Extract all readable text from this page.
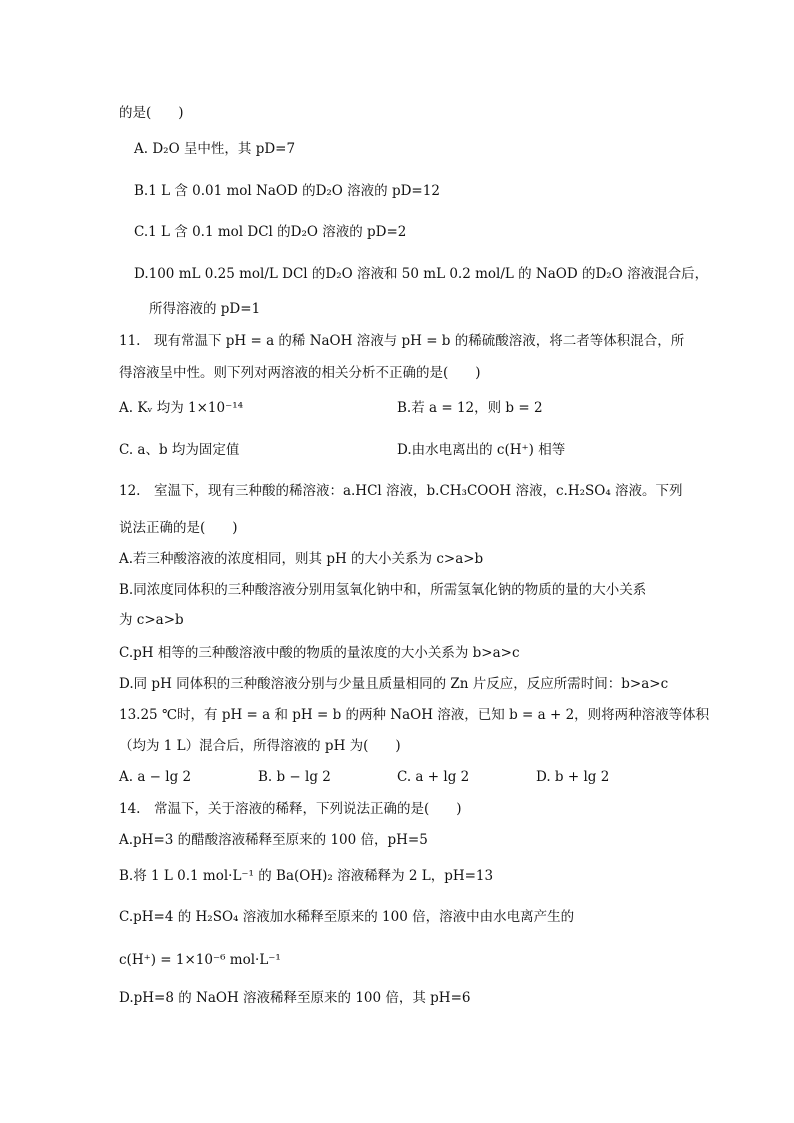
的是(　　)
A. D₂O 呈中性，其 pD=7
B.1 L 含 0.01 mol NaOD 的D₂O 溶液的 pD=12
C.1 L 含 0.1 mol DCl 的D₂O 溶液的 pD=2
D.100 mL 0.25 mol/L DCl 的D₂O 溶液和 50 mL 0.2 mol/L 的 NaOD 的D₂O 溶液混合后，
所得溶液的 pD=1
11.　现有常温下 pH = a 的稀 NaOH 溶液与 pH = b 的稀硫酸溶液，将二者等体积混合，所
得溶液呈中性。则下列对两溶液的相关分析不正确的是(　　)
A. Kᵥ 均为 1×10⁻¹⁴	B.若 a = 12，则 b = 2
C. a、b 均为固定值	D.由水电离出的 c(H⁺) 相等
12.　室温下，现有三种酸的稀溶液：a.HCl 溶液，b.CH₃COOH 溶液，c.H₂SO₄ 溶液。下列
说法正确的是(　　)
A.若三种酸溶液的浓度相同，则其 pH 的大小关系为 c>a>b
B.同浓度同体积的三种酸溶液分别用氢氧化钠中和，所需氢氧化钠的物质的量的大小关系
为 c>a>b
C.pH 相等的三种酸溶液中酸的物质的量浓度的大小关系为 b>a>c
D.同 pH 同体积的三种酸溶液分别与少量且质量相同的 Zn 片反应，反应所需时间：b>a>c
13.25 ℃时，有 pH = a 和 pH = b 的两种 NaOH 溶液，已知 b = a + 2，则将两种溶液等体积
（均为 1 L）混合后，所得溶液的 pH 为(　　)
A. a − lg 2	B. b − lg 2	C. a + lg 2	D. b + lg 2
14.　常温下，关于溶液的稀释，下列说法正确的是(　　)
A.pH=3 的醋酸溶液稀释至原来的 100 倍，pH=5
B.将 1 L 0.1 mol·L⁻¹ 的 Ba(OH)₂ 溶液稀释为 2 L，pH=13
C.pH=4 的 H₂SO₄ 溶液加水稀释至原来的 100 倍，溶液中由水电离产生的
c(H⁺) = 1×10⁻⁶ mol·L⁻¹
D.pH=8 的 NaOH 溶液稀释至原来的 100 倍，其 pH=6
